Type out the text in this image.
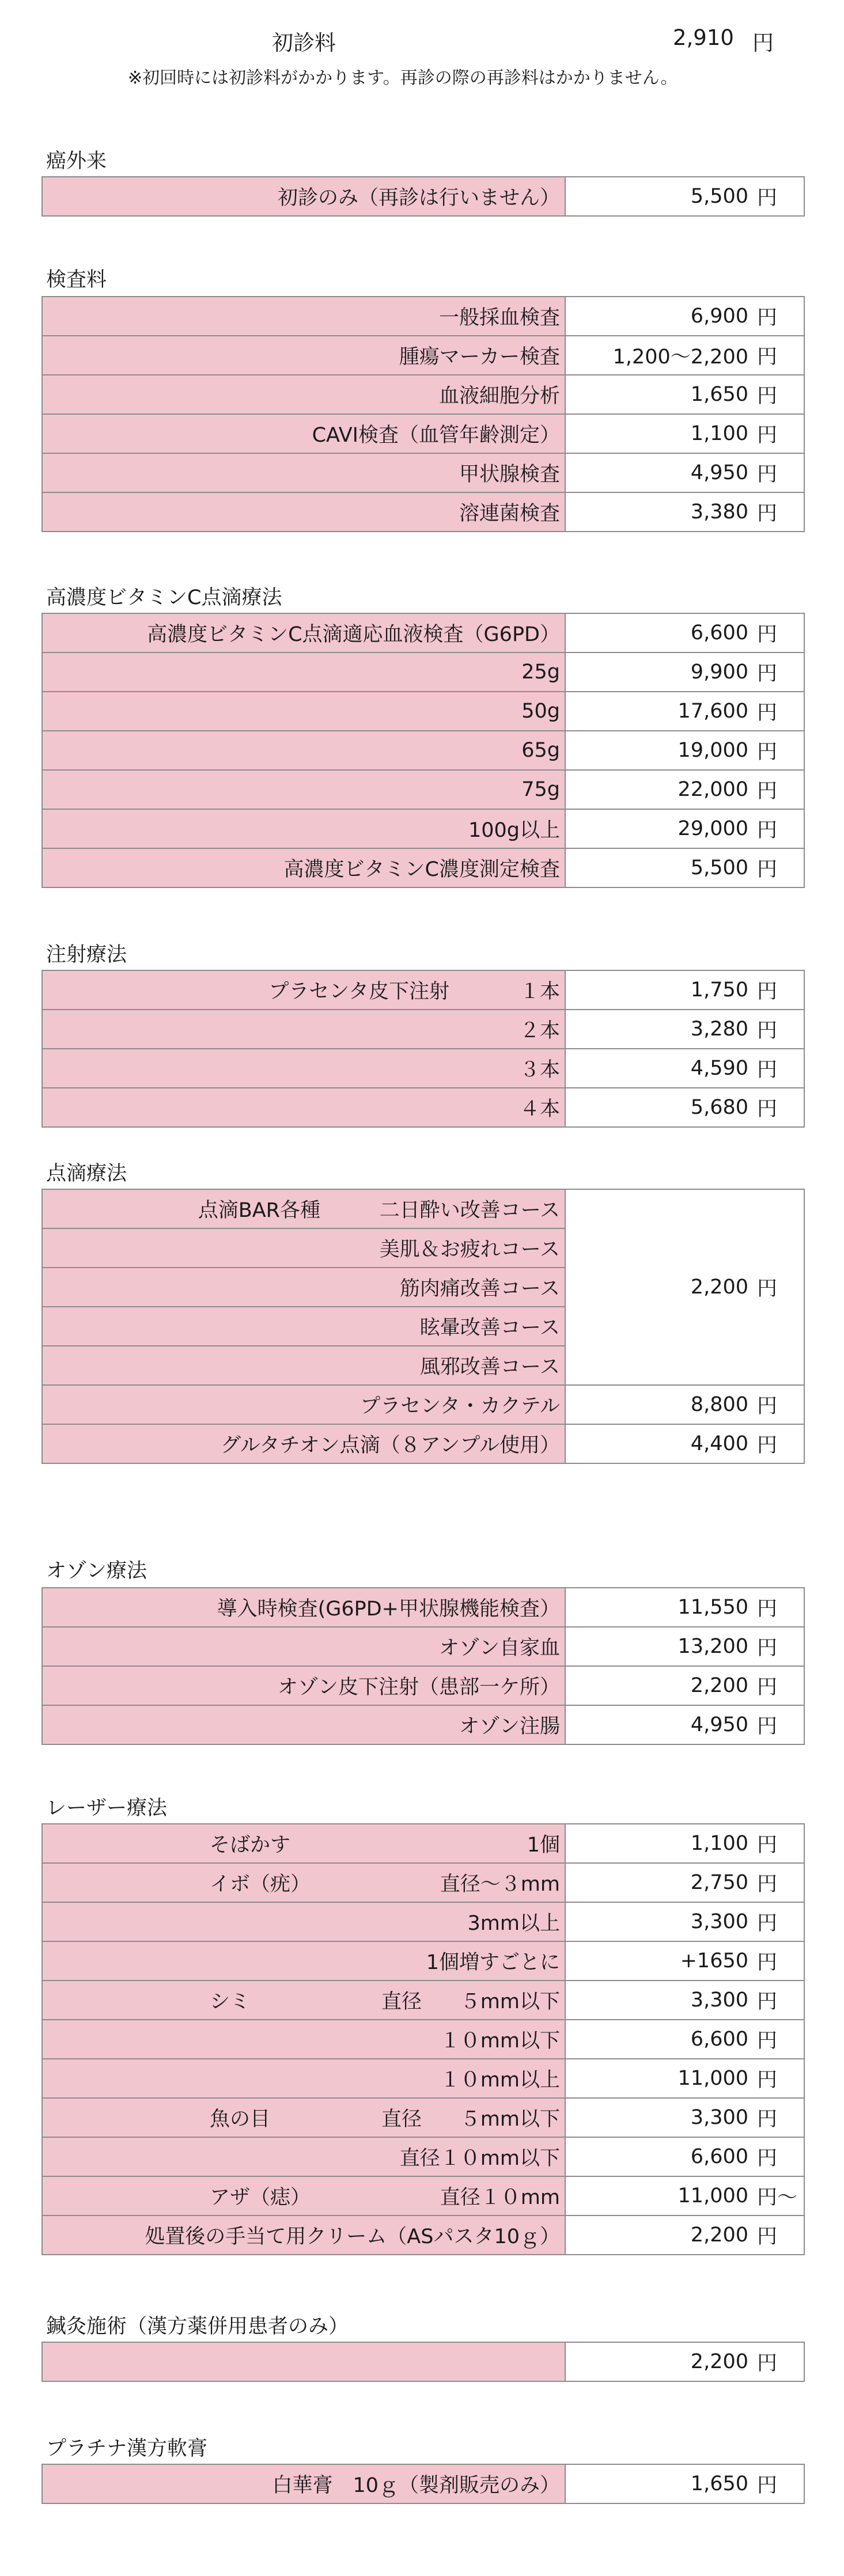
初診料	2,910 円
※初回時には初診料がかかります。再診の際の再診料はかかりません。
癌外来
初診のみ（再診は行いません）	5,500 円
検査料
一般採血検査	6,900 円

腫瘍マーカー検査	1,200〜2,200 円

血液細胞分析	1,650 円

CAVI検査（血管年齢測定）	1,100 円

甲状腺検査	4,950 円

溶連菌検査	3,380 円
高濃度ビタミンC点滴療法
高濃度ビタミンC点滴適応血液検査（G6PD）	6,600 円

25g	9,900 円

50g	17,600 円

65g	19,000 円

75g	22,000 円

100g以上	29,000 円

高濃度ビタミンC濃度測定検査	5,500 円
注射療法
プラセンタ皮下注射 １本	1,750 円

２本	3,280 円

３本	4,590 円

４本	5,680 円
点滴療法
点滴BAR各種 二日酔い改善コース	2,200 円

美肌＆お疲れコース	
筋肉痛改善コース	
眩暈改善コース	
風邪改善コース	
プラセンタ・カクテル	8,800 円

グルタチオン点滴（８アンプル使用）	4,400 円
オゾン療法
導入時検査(G6PD+甲状腺機能検査）	11,550 円

オゾン自家血	13,200 円

オゾン皮下注射（患部一ケ所）	2,200 円

オゾン注腸	4,950 円
レーザー療法
そばかす 1個	1,100 円

イボ（疣） 直径〜３mm	2,750 円

3mm以上	3,300 円

1個増すごとに	+1650 円

シミ 直径 ５mm以下	3,300 円

１０mm以下	6,600 円

１０mm以上	11,000 円

魚の目 直径 ５mm以下	3,300 円

直径１０mm以下	6,600 円

アザ（痣） 直径１０mm	11,000 円〜

処置後の手当て用クリーム（ASパスタ10ｇ）	2,200 円
鍼灸施術（漢方薬併用患者のみ）

2,200 円
プラチナ漢方軟膏
白華膏　10ｇ（製剤販売のみ）	1,650 円
